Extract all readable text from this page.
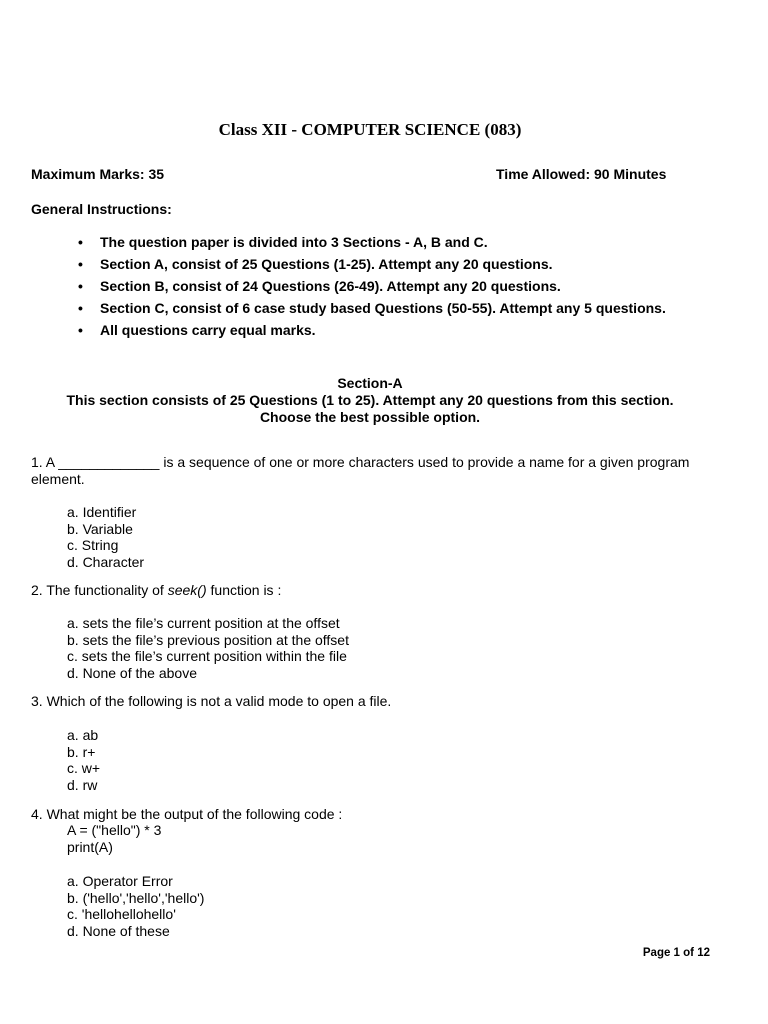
Class XII - COMPUTER SCIENCE (083)
Maximum Marks: 35	Time Allowed: 90 Minutes
General Instructions:
• The question paper is divided into 3 Sections - A, B and C.
• Section A, consist of 25 Questions (1-25). Attempt any 20 questions.
• Section B, consist of 24 Questions (26-49). Attempt any 20 questions.
• Section C, consist of 6 case study based Questions (50-55). Attempt any 5 questions.
• All questions carry equal marks.
Section-A
This section consists of 25 Questions (1 to 25). Attempt any 20 questions from this section.
Choose the best possible option.
1. A _____________ is a sequence of one or more characters used to provide a name for a given program element.
a. Identifier
b. Variable
c. String
d. Character
2. The functionality of seek() function is :
a. sets the file’s current position at the offset
b. sets the file’s previous position at the offset
c. sets the file’s current position within the file
d. None of the above
3. Which of the following is not a valid mode to open a file.
a. ab
b. r+
c. w+
d. rw
4. What might be the output of the following code :
A = ("hello") * 3
print(A)
a. Operator Error
b. ('hello','hello','hello')
c. 'hellohellohello'
d. None of these
Page 1 of 12
